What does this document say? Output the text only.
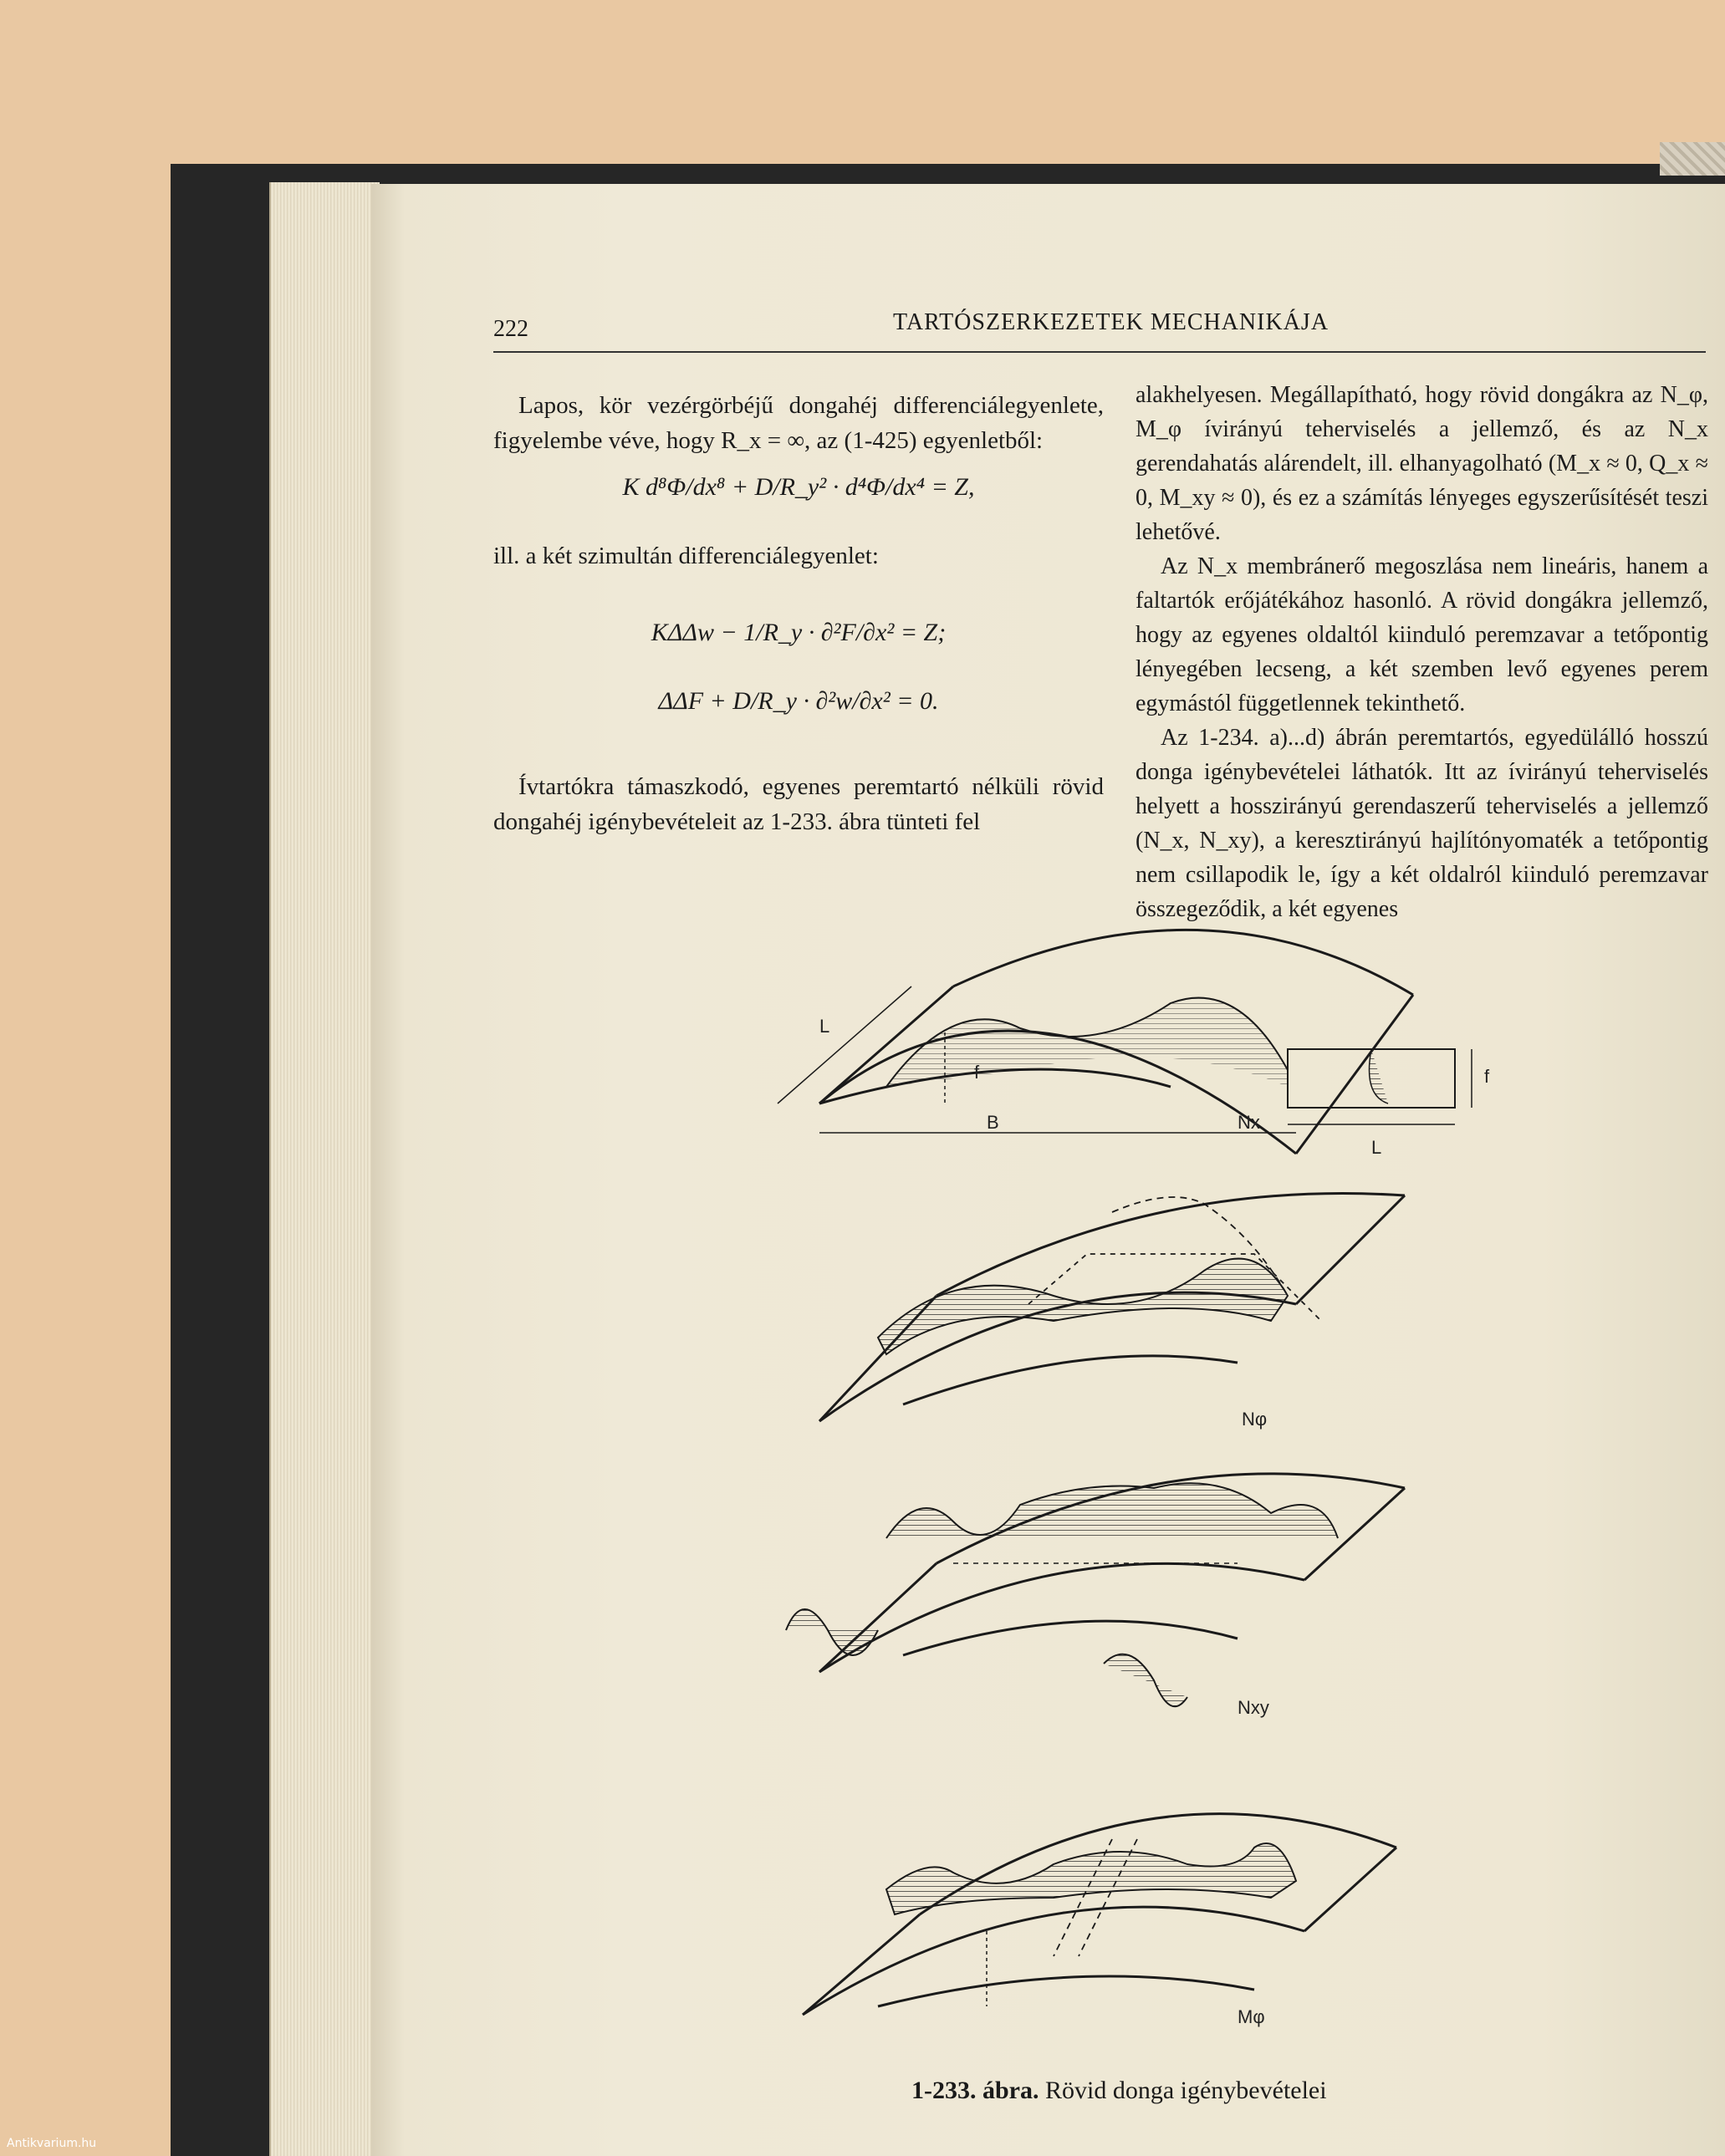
222	TARTÓSZERKEZETEK MECHANIKÁJA

Lapos, kör vezérgörbéjű dongahéj differenciálegyenlete, figyelembe véve, hogy R_x = ∞, az (1-425) egyenletből:

K d⁸Φ/dx⁸ + D/R_y² · d⁴Φ/dx⁴ = Z,

ill. a két szimultán differenciálegyenlet:

KΔΔw − 1/R_y · ∂²F/∂x² = Z;
ΔΔF + D/R_y · ∂²w/∂x² = 0.

Ívtartókra támaszkodó, egyenes peremtartó nélküli rövid dongahéj igénybevételeit az 1-233. ábra tünteti fel

alakhelyesen. Megállapítható, hogy rövid dongákra az N_φ, M_φ ívirányú teherviselés a jellemző, és az N_x gerendahatás alárendelt, ill. elhanyagolható (M_x ≈ 0, Q_x ≈ 0, M_xy ≈ 0), és ez a számítás lényeges egyszerűsítését teszi lehetővé.

Az N_x membránerő megoszlása nem lineáris, hanem a faltartók erőjátékához hasonló. A rövid dongákra jellemző, hogy az egyenes oldaltól kiinduló peremzavar a tetőpontig lényegében lecseng, a két szemben levő egyenes perem egymástól függetlennek tekinthető.

Az 1-234. a)...d) ábrán peremtartós, egyedülálló hosszú donga igénybevételei láthatók. Itt az ívirányú teherviselés helyett a hosszirányú gerendaszerű teherviselés a jellemző (N_x, N_xy), a keresztirányú hajlítónyomaték a tetőpontig nem csillapodik le, így a két oldalról kiinduló peremzavar összegeződik, a két egyenes

L
f
B	Nx
L
f
Nφ
Nxy
Mφ
1-233. ábra. Rövid donga igénybevételei
Antikvarium.hu
